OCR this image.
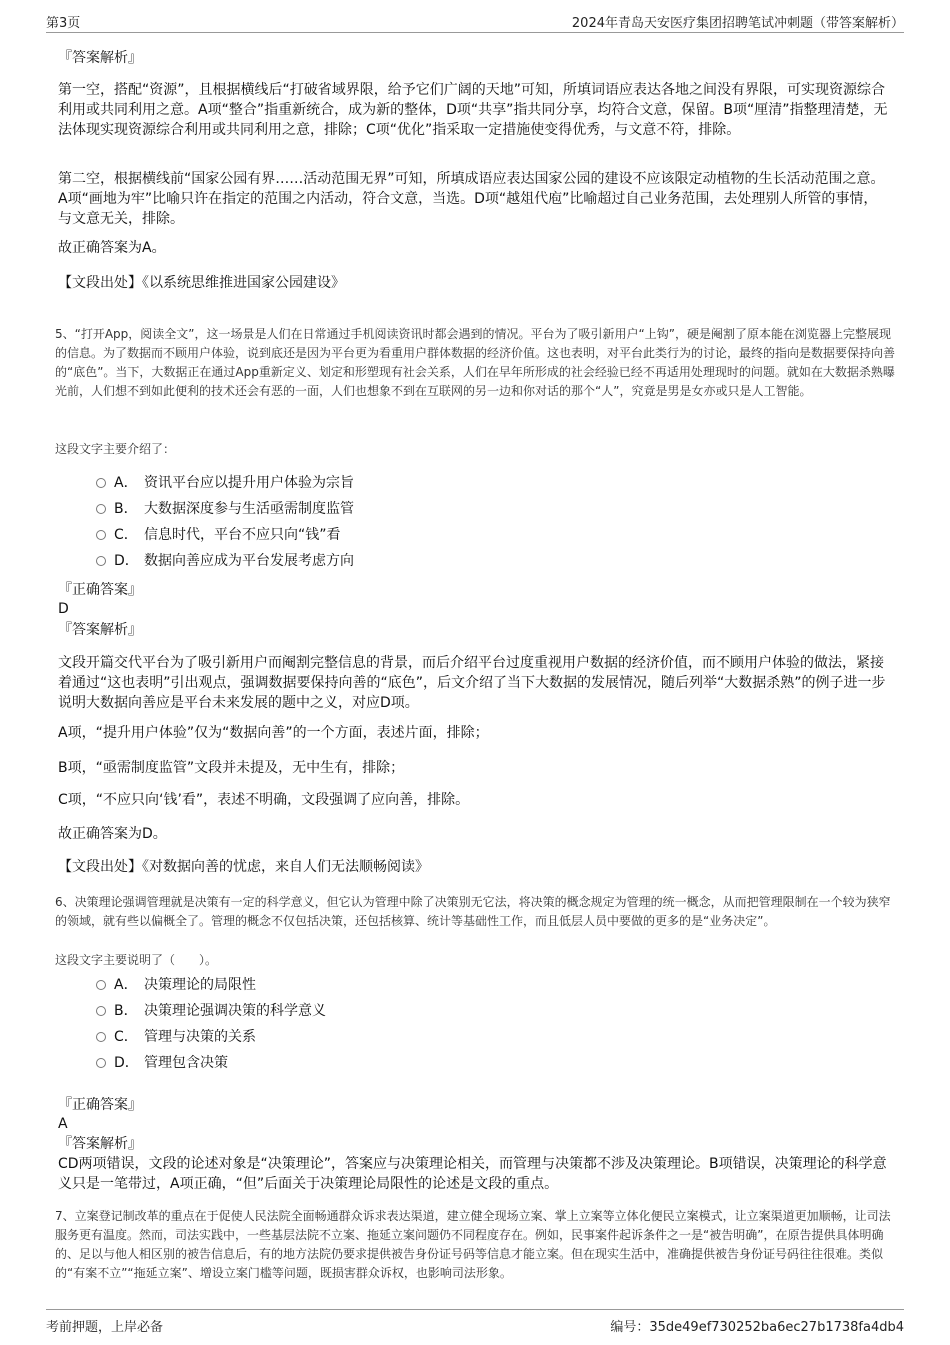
第3页	2024年青岛天安医疗集团招聘笔试冲刺题（带答案解析）
『答案解析』

第一空，搭配“资源”，且根据横线后“打破省域界限，给予它们广阔的天地”可知，所填词语应表达各地之间没有界限，可实现资源综合利用或共同利用之意。A项“整合”指重新统合，成为新的整体，D项“共享”指共同分享，均符合文意，保留。B项“厘清”指整理清楚，无法体现实现资源综合利用或共同利用之意，排除；C项“优化”指采取一定措施使变得优秀，与文意不符，排除。

第二空，根据横线前“国家公园有界……活动范围无界”可知，所填成语应表达国家公园的建设不应该限定动植物的生长活动范围之意。A项“画地为牢”比喻只许在指定的范围之内活动，符合文意，当选。D项“越俎代庖”比喻超过自己业务范围，去处理别人所管的事情，与文意无关，排除。

故正确答案为A。
【文段出处】《以系统思维推进国家公园建设》

5、“打开App，阅读全文”，这一场景是人们在日常通过手机阅读资讯时都会遇到的情况。平台为了吸引新用户“上钩”，硬是阉割了原本能在浏览器上完整展现的信息。为了数据而不顾用户体验，说到底还是因为平台更为看重用户群体数据的经济价值。这也表明，对平台此类行为的讨论，最终的指向是数据要保持向善的“底色”。当下，大数据正在通过App重新定义、划定和形塑现有社会关系，人们在早年所形成的社会经验已经不再适用处理现时的问题。就如在大数据杀熟曝光前，人们想不到如此便利的技术还会有恶的一面，人们也想象不到在互联网的另一边和你对话的那个“人”，究竟是男是女亦或只是人工智能。

这段文字主要介绍了：
A． 资讯平台应以提升用户体验为宗旨
B． 大数据深度参与生活亟需制度监管
C． 信息时代，平台不应只向“钱”看
D． 数据向善应成为平台发展考虑方向
『正确答案』
D
『答案解析』

文段开篇交代平台为了吸引新用户而阉割完整信息的背景，而后介绍平台过度重视用户数据的经济价值，而不顾用户体验的做法，紧接着通过“这也表明”引出观点，强调数据要保持向善的“底色”，后文介绍了当下大数据的发展情况，随后列举“大数据杀熟”的例子进一步说明大数据向善应是平台未来发展的题中之义，对应D项。

A项，“提升用户体验”仅为“数据向善”的一个方面，表述片面，排除；
B项，“亟需制度监管”文段并未提及，无中生有，排除；
C项，“不应只向‘钱’看”，表述不明确，文段强调了应向善，排除。
故正确答案为D。
【文段出处】《对数据向善的忧虑，来自人们无法顺畅阅读》

6、决策理论强调管理就是决策有一定的科学意义，但它认为管理中除了决策别无它法，将决策的概念规定为管理的统一概念，从而把管理限制在一个较为狭窄的领域，就有些以偏概全了。管理的概念不仅包括决策，还包括核算、统计等基础性工作，而且低层人员中要做的更多的是“业务决定”。

这段文字主要说明了（　　）。
A． 决策理论的局限性
B． 决策理论强调决策的科学意义
C． 管理与决策的关系
D． 管理包含决策
『正确答案』
A
『答案解析』

CD两项错误，文段的论述对象是“决策理论”，答案应与决策理论相关，而管理与决策都不涉及决策理论。B项错误，决策理论的科学意义只是一笔带过，A项正确，“但”后面关于决策理论局限性的论述是文段的重点。

7、立案登记制改革的重点在于促使人民法院全面畅通群众诉求表达渠道，建立健全现场立案、掌上立案等立体化便民立案模式，让立案渠道更加顺畅，让司法服务更有温度。然而，司法实践中，一些基层法院不立案、拖延立案问题仍不同程度存在。例如，民事案件起诉条件之一是“被告明确”，在原告提供具体明确的、足以与他人相区别的被告信息后，有的地方法院仍要求提供被告身份证号码等信息才能立案。但在现实生活中，准确提供被告身份证号码往往很难。类似的“有案不立”“拖延立案”、增设立案门槛等问题，既损害群众诉权，也影响司法形象。

考前押题，上岸必备	编号：35de49ef730252ba6ec27b1738fa4db4
